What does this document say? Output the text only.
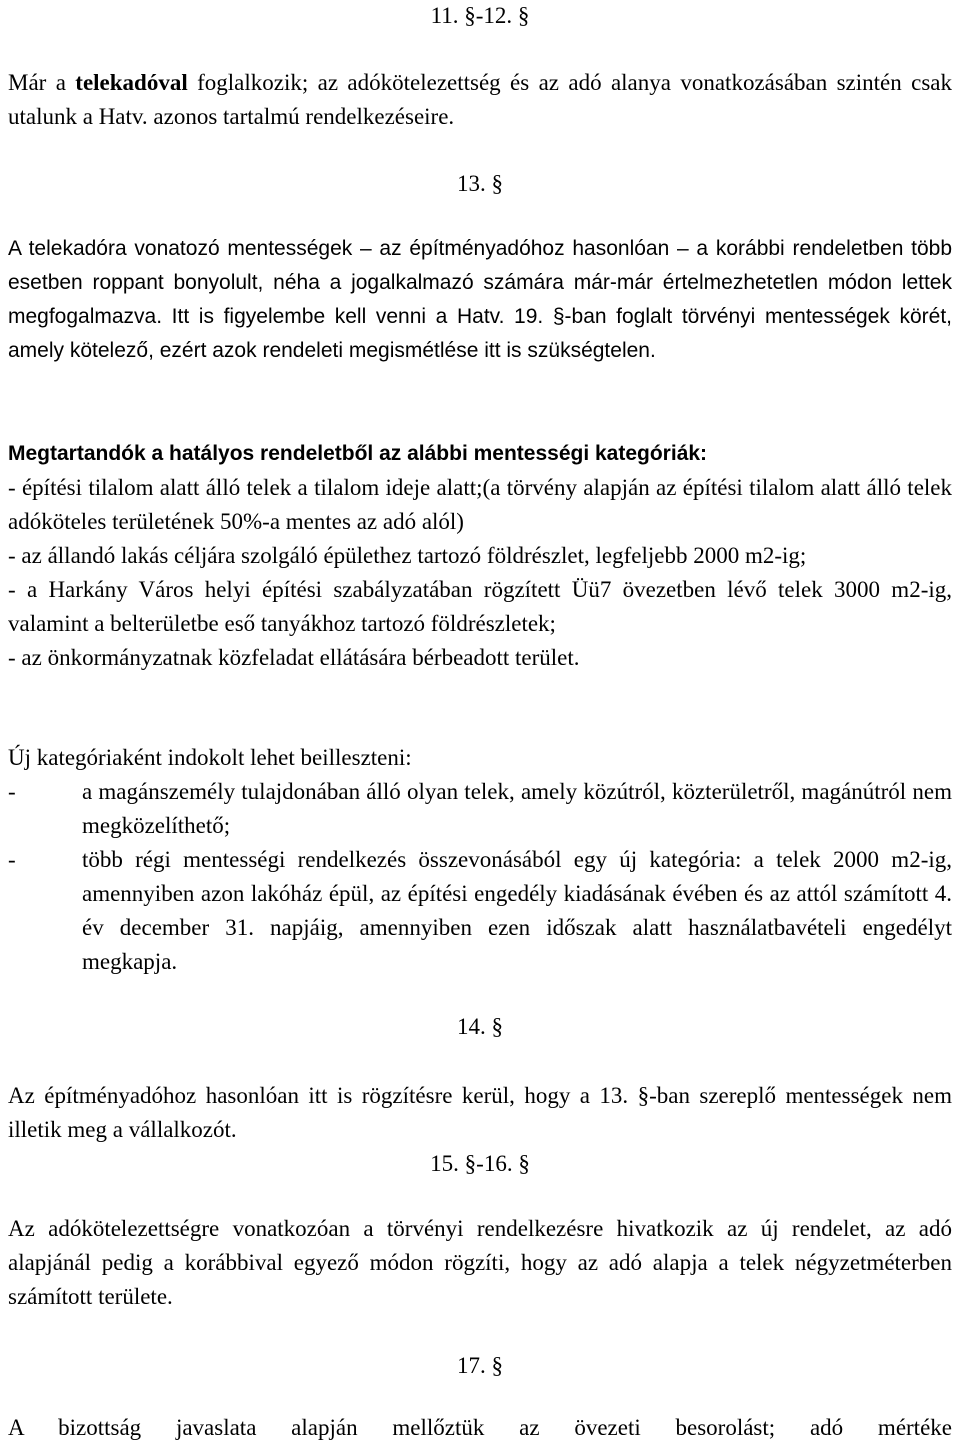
11. §-12. §
Már a telekadóval foglalkozik; az adókötelezettség és az adó alanya vonatkozásában szintén csak utalunk a Hatv. azonos tartalmú rendelkezéseire.
13. §
A telekadóra vonatozó mentességek – az építményadóhoz hasonlóan – a korábbi rendeletben több esetben roppant bonyolult, néha a jogalkalmazó számára már-már értelmezhetetlen módon lettek megfogalmazva. Itt is figyelembe kell venni a Hatv. 19. §-ban foglalt törvényi mentességek körét, amely kötelező, ezért azok rendeleti megismétlése itt is szükségtelen.
Megtartandók a hatályos rendeletből az alábbi mentességi kategóriák:
- építési tilalom alatt álló telek a tilalom ideje alatt;(a törvény alapján az építési tilalom alatt álló telek adóköteles területének 50%-a mentes az adó alól)
- az állandó lakás céljára szolgáló épülethez tartozó földrészlet, legfeljebb 2000 m2-ig;
- a Harkány Város helyi építési szabályzatában rögzített Üü7 övezetben lévő telek 3000 m2-ig, valamint a belterületbe eső tanyákhoz tartozó földrészletek;
- az önkormányzatnak közfeladat ellátására bérbeadott terület.
Új kategóriaként indokolt lehet beilleszteni:
-	a magánszemély tulajdonában álló olyan telek, amely közútról, közterületről, magánútról nem megközelíthető;
-	több régi mentességi rendelkezés összevonásából egy új kategória: a telek 2000 m2-ig, amennyiben azon lakóház épül, az építési engedély kiadásának évében és az attól számított 4. év december 31. napjáig, amennyiben ezen időszak alatt használatbavételi engedélyt megkapja.
14. §
Az építményadóhoz hasonlóan itt is rögzítésre kerül, hogy a 13. §-ban szereplő mentességek nem illetik meg a vállalkozót.
15. §-16. §
Az adókötelezettségre vonatkozóan a törvényi rendelkezésre hivatkozik az új rendelet, az adó alapjánál pedig a korábbival egyező módon rögzíti, hogy az adó alapja a telek négyzetméterben számított területe.
17. §
A bizottság javaslata alapján mellőztük az övezeti besorolást; adó mértéke
